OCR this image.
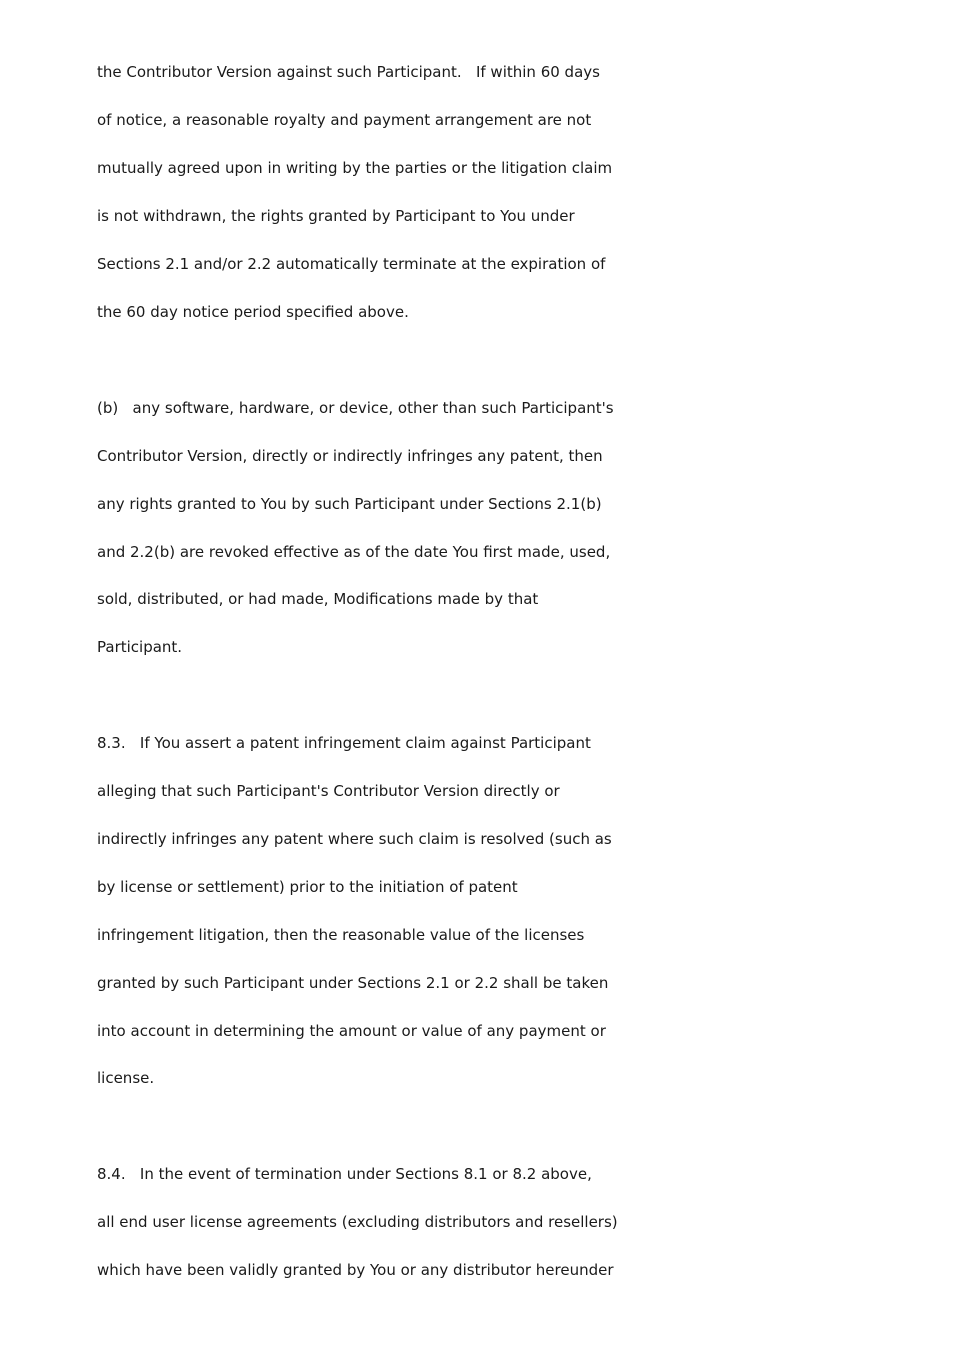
the Contributor Version against such Participant.   If within 60 days
of notice, a reasonable royalty and payment arrangement are not
mutually agreed upon in writing by the parties or the litigation claim
is not withdrawn, the rights granted by Participant to You under
Sections 2.1 and/or 2.2 automatically terminate at the expiration of
the 60 day notice period specified above.
(b)   any software, hardware, or device, other than such Participant's
Contributor Version, directly or indirectly infringes any patent, then
any rights granted to You by such Participant under Sections 2.1(b)
and 2.2(b) are revoked effective as of the date You first made, used,
sold, distributed, or had made, Modifications made by that
Participant.
8.3.   If You assert a patent infringement claim against Participant
alleging that such Participant's Contributor Version directly or
indirectly infringes any patent where such claim is resolved (such as
by license or settlement) prior to the initiation of patent
infringement litigation, then the reasonable value of the licenses
granted by such Participant under Sections 2.1 or 2.2 shall be taken
into account in determining the amount or value of any payment or
license.
8.4.   In the event of termination under Sections 8.1 or 8.2 above,
all end user license agreements (excluding distributors and resellers)
which have been validly granted by You or any distributor hereunder
